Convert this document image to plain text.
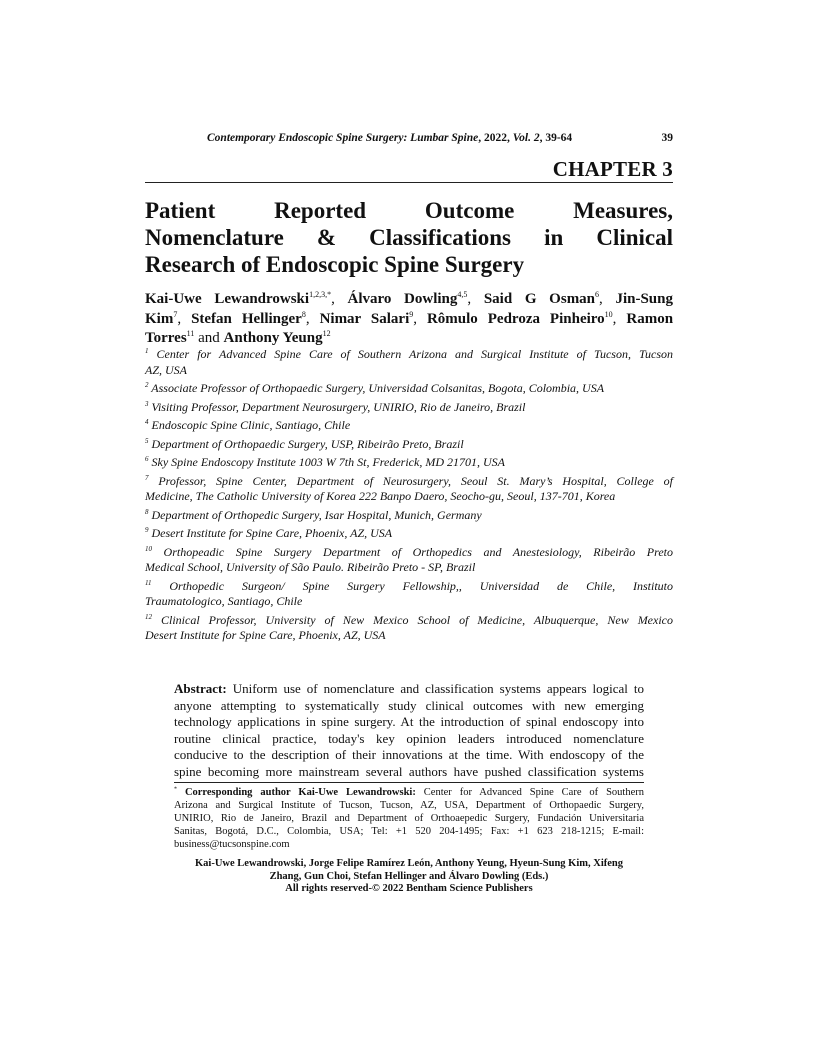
Contemporary Endoscopic Spine Surgery: Lumbar Spine, 2022, Vol. 2, 39-64	39
CHAPTER 3
Patient Reported Outcome Measures,
Nomenclature & Classifications in Clinical
Research of Endoscopic Spine Surgery
Kai-Uwe Lewandrowski$^{1,2,3,*}$, Álvaro Dowling$^{4,5}$, Said G Osman$^6$, Jin-Sung
Kim$^7$, Stefan Hellinger$^8$, Nimar Salari$^9$, Rômulo Pedroza Pinheiro$^{10}$, Ramon
Torres$^{11}$ and Anthony Yeung$^{12}$
$^1$ Center for Advanced Spine Care of Southern Arizona and Surgical Institute of Tucson, Tucson
AZ, USA
$^2$ Associate Professor of Orthopaedic Surgery, Universidad Colsanitas, Bogota, Colombia, USA
$^3$ Visiting Professor, Department Neurosurgery, UNIRIO, Rio de Janeiro, Brazil
$^4$ Endoscopic Spine Clinic, Santiago, Chile
$^5$ Department of Orthopaedic Surgery, USP, Ribeirão Preto, Brazil
$^6$ Sky Spine Endoscopy Institute 1003 W 7th St, Frederick, MD 21701, USA
$^7$ Professor, Spine Center, Department of Neurosurgery, Seoul St. Mary’s Hospital, College of
Medicine, The Catholic University of Korea 222 Banpo Daero, Seocho-gu, Seoul, 137-701, Korea
$^8$ Department of Orthopedic Surgery, Isar Hospital, Munich, Germany
$^9$ Desert Institute for Spine Care, Phoenix, AZ, USA
$^{10}$ Orthopeadic Spine Surgery Department of Orthopedics and Anestesiology, Ribeirão Preto
Medical School, University of São Paulo. Ribeirão Preto - SP, Brazil
$^{11}$ Orthopedic Surgeon/ Spine Surgery Fellowship,, Universidad de Chile, Instituto
Traumatologico, Santiago, Chile
$^{12}$ Clinical Professor, University of New Mexico School of Medicine, Albuquerque, New Mexico
Desert Institute for Spine Care, Phoenix, AZ, USA
Abstract: Uniform use of nomenclature and classification systems appears logical to
anyone attempting to systematically study clinical outcomes with new emerging
technology applications in spine surgery. At the introduction of spinal endoscopy into
routine clinical practice, today's key opinion leaders introduced nomenclature
conducive to the description of their innovations at the time. With endoscopy of the
spine becoming more mainstream several authors have pushed classification systems
* Corresponding author Kai-Uwe Lewandrowski: Center for Advanced Spine Care of Southern
Arizona and Surgical Institute of Tucson, Tucson, AZ, USA, Department of Orthopaedic Surgery,
UNIRIO, Rio de Janeiro, Brazil and Department of Orthoaepedic Surgery, Fundación Universitaria
Sanitas, Bogotá, D.C., Colombia, USA; Tel: +1 520 204-1495; Fax: +1 623 218-1215; E-mail:
business@tucsonspine.com
Kai-Uwe Lewandrowski, Jorge Felipe Ramírez León, Anthony Yeung, Hyeun-Sung Kim, Xifeng
Zhang, Gun Choi, Stefan Hellinger and Álvaro Dowling (Eds.)
All rights reserved-© 2022 Bentham Science Publishers
